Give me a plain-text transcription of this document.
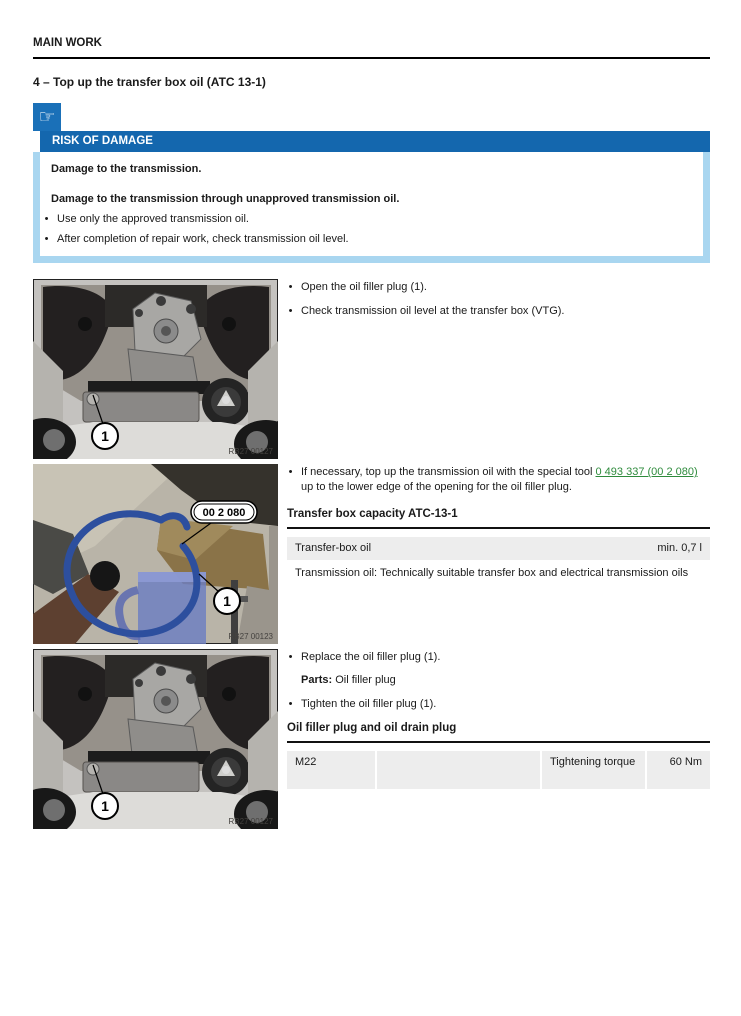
MAIN WORK
4 – Top up the transfer box oil (ATC 13-1)
☞
RISK OF DAMAGE

Damage to the transmission.

Damage to the transmission through unapproved transmission oil.

• Use only the approved transmission oil.
• After completion of repair work, check transmission oil level.
1
RB27 00127
• Open the oil filler plug (1).
• Check transmission oil level at the transfer box (VTG).
00 2 080
1
RB27 00123
• If necessary, top up the transmission oil with the special tool 0 493 337 (00 2 080) up to the lower edge of the opening for the oil filler plug.
Transfer box capacity ATC-13-1
Transfer-box oil	min. 0,7 l
Transmission oil: Technically suitable transfer box and electrical transmission oils
1
RB27 00127
• Replace the oil filler plug (1).
Parts: Oil filler plug
• Tighten the oil filler plug (1).
Oil filler plug and oil drain plug
M22	Tightening torque	60 Nm
